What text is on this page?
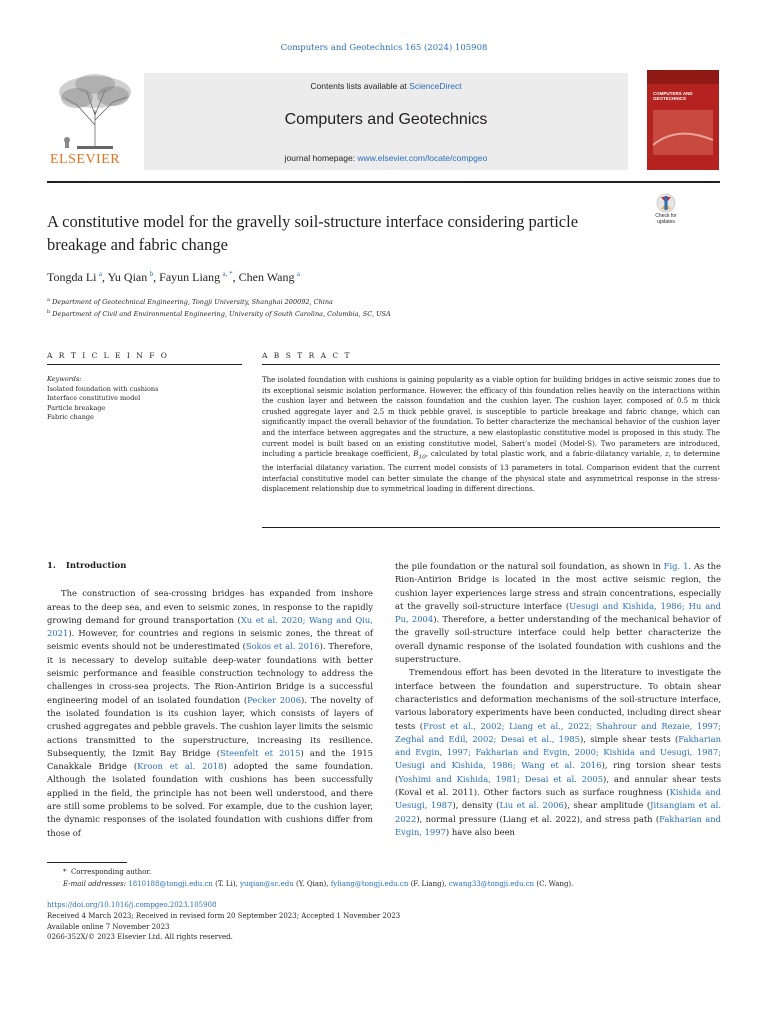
Computers and Geotechnics 165 (2024) 105908
ELSEVIER
Contents lists available at ScienceDirect
Computers and Geotechnics
journal homepage: www.elsevier.com/locate/compgeo
COMPUTERS AND GEOTECHNICS
A constitutive model for the gravelly soil-structure interface considering particle breakage and fabric change
Check for
updates
Tongda Li  $^a$, Yu Qian  $^b$, Fayun Liang  $^{a, *}$, Chen Wang  $^a$
$^a$ Department of Geotechnical Engineering, Tongji University, Shanghai 200092, China
$^b$ Department of Civil and Environmental Engineering, University of South Carolina, Columbia, SC, USA
A R T I C L E I N F O	A B S T R A C T
Keywords:
Isolated foundation with cushions
Interface constitutive model
Particle breakage
Fabric change

The isolated foundation with cushions is gaining popularity as a viable option for building bridges in active seismic zones due to its exceptional seismic isolation performance. However, the efficacy of this foundation relies heavily on the interactions within the cushion layer and between the caisson foundation and the cushion layer. The cushion layer, composed of 0.5 m thick crushed aggregate layer and 2.5 m thick pebble gravel, is susceptible to particle breakage and fabric change, which can significantly impact the overall behavior of the foundation. To better characterize the mechanical behavior of the cushion layer and the interface between aggregates and the structure, a new elastoplastic constitutive model is proposed in this study. The current model is built based on an existing constitutive model, Saberi’s model (Model-S). Two parameters are introduced, including a particle breakage coefficient, $B_{10}$, calculated by total plastic work, and a fabric-dilatancy variable, z, to determine the interfacial dilatancy variation. The current model consists of 13 parameters in total. Comparison evident that the current interfacial constitutive model can better simulate the change of the physical state and asymmetrical response in the stress-displacement relationship due to symmetrical loading in different directions.

1. Introduction

The construction of sea-crossing bridges has expanded from inshore areas to the deep sea, and even to seismic zones, in response to the rapidly growing demand for ground transportation (Xu et al. 2020; Wang and Qiu, 2021). However, for countries and regions in seismic zones, the threat of seismic events should not be underestimated (Sokos et al. 2016). Therefore, it is necessary to develop suitable deep-water foundations with better seismic performance and feasible construction technology to address the challenges in cross-sea projects. The Rion-Antirion Bridge is a successful engineering model of an isolated foundation (Pecker 2006). The novelty of the isolated foundation is its cushion layer, which consists of layers of crushed aggregates and pebble gravels. The cushion layer limits the seismic actions transmitted to the superstructure, increasing its resilience. Subsequently, the Izmit Bay Bridge (Steenfelt et 2015) and the 1915 Canakkale Bridge (Kroon et al. 2018) adopted the same foundation. Although the isolated foundation with cushions has been successfully applied in the field, the principle has not been well understood, and there are still some problems to be solved. For example, due to the cushion layer, the dynamic responses of the isolated foundation with cushions differ from those of

the pile foundation or the natural soil foundation, as shown in Fig. 1. As the Rion-Antirion Bridge is located in the most active seismic region, the cushion layer experiences large stress and strain concentrations, especially at the gravelly soil-structure interface (Uesugi and Kishida, 1986; Hu and Pu, 2004). Therefore, a better understanding of the mechanical behavior of the gravelly soil-structure interface could help better characterize the overall dynamic response of the isolated foundation with cushions and the superstructure.

Tremendous effort has been devoted in the literature to investigate the interface between the foundation and superstructure. To obtain shear characteristics and deformation mechanisms of the soil-structure interface, various laboratory experiments have been conducted, including direct shear tests (Frost et al., 2002; Liang et al., 2022; Shahrour and Rezaie, 1997; Zeghal and Edil, 2002; Desai et al., 1985), simple shear tests (Fakharian and Evgin, 1997; Fakharian and Evgin, 2000; Kishida and Uesugi, 1987; Uesugi and Kishida, 1986; Wang et al. 2016), ring torsion shear tests (Yoshimi and Kishida, 1981; Desai et al. 2005), and annular shear tests (Koval et al. 2011). Other factors such as surface roughness (Kishida and Uesugi, 1987), density (Liu et al. 2006), shear amplitude (Jitsangiam et al. 2022), normal pressure (Liang et al. 2022), and stress path (Fakharian and Evgin, 1997) have also been

* Corresponding author.
E-mail addresses: 1810188@tongji.edu.cn (T. Li), yuqian@sc.edu (Y. Qian), fyliang@tongji.edu.cn (F. Liang), cwang33@tongji.edu.cn (C. Wang).
https://doi.org/10.1016/j.compgeo.2023.105908
Received 4 March 2023; Received in revised form 20 September 2023; Accepted 1 November 2023
Available online 7 November 2023
0266-352X/© 2023 Elsevier Ltd. All rights reserved.
